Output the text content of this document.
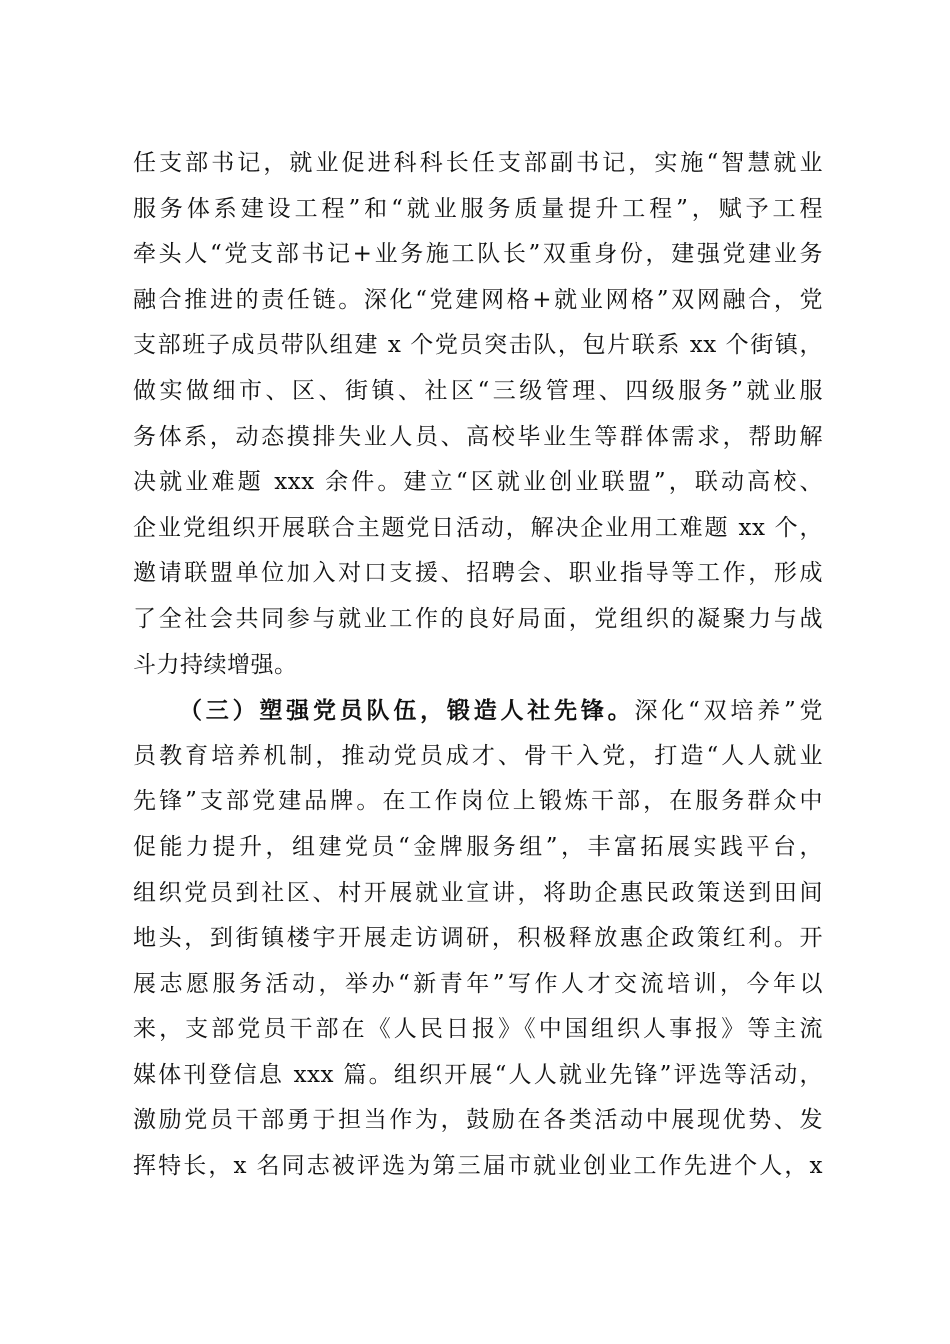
任支部书记，就业促进科科长任支部副书记，实施“智慧就业
服务体系建设工程”和“就业服务质量提升工程”，赋予工程
牵头人“党支部书记+业务施工队长”双重身份，建强党建业务
融合推进的责任链。深化“党建网格+就业网格”双网融合，党
支部班子成员带队组建 x 个党员突击队，包片联系 xx 个街镇，
做实做细市、区、街镇、社区“三级管理、四级服务”就业服
务体系，动态摸排失业人员、高校毕业生等群体需求，帮助解
决就业难题 xxx 余件。建立“区就业创业联盟”，联动高校、
企业党组织开展联合主题党日活动，解决企业用工难题 xx 个，
邀请联盟单位加入对口支援、招聘会、职业指导等工作，形成
了全社会共同参与就业工作的良好局面，党组织的凝聚力与战
斗力持续增强。
（三）塑强党员队伍，锻造人社先锋。深化“双培养”党
员教育培养机制，推动党员成才、骨干入党，打造“人人就业
先锋”支部党建品牌。在工作岗位上锻炼干部，在服务群众中
促能力提升，组建党员“金牌服务组”，丰富拓展实践平台，
组织党员到社区、村开展就业宣讲，将助企惠民政策送到田间
地头，到街镇楼宇开展走访调研，积极释放惠企政策红利。开
展志愿服务活动，举办“新青年”写作人才交流培训，今年以
来，支部党员干部在《人民日报》《中国组织人事报》等主流
媒体刊登信息 xxx 篇。组织开展“人人就业先锋”评选等活动，
激励党员干部勇于担当作为，鼓励在各类活动中展现优势、发
挥特长，x 名同志被评选为第三届市就业创业工作先进个人，x
